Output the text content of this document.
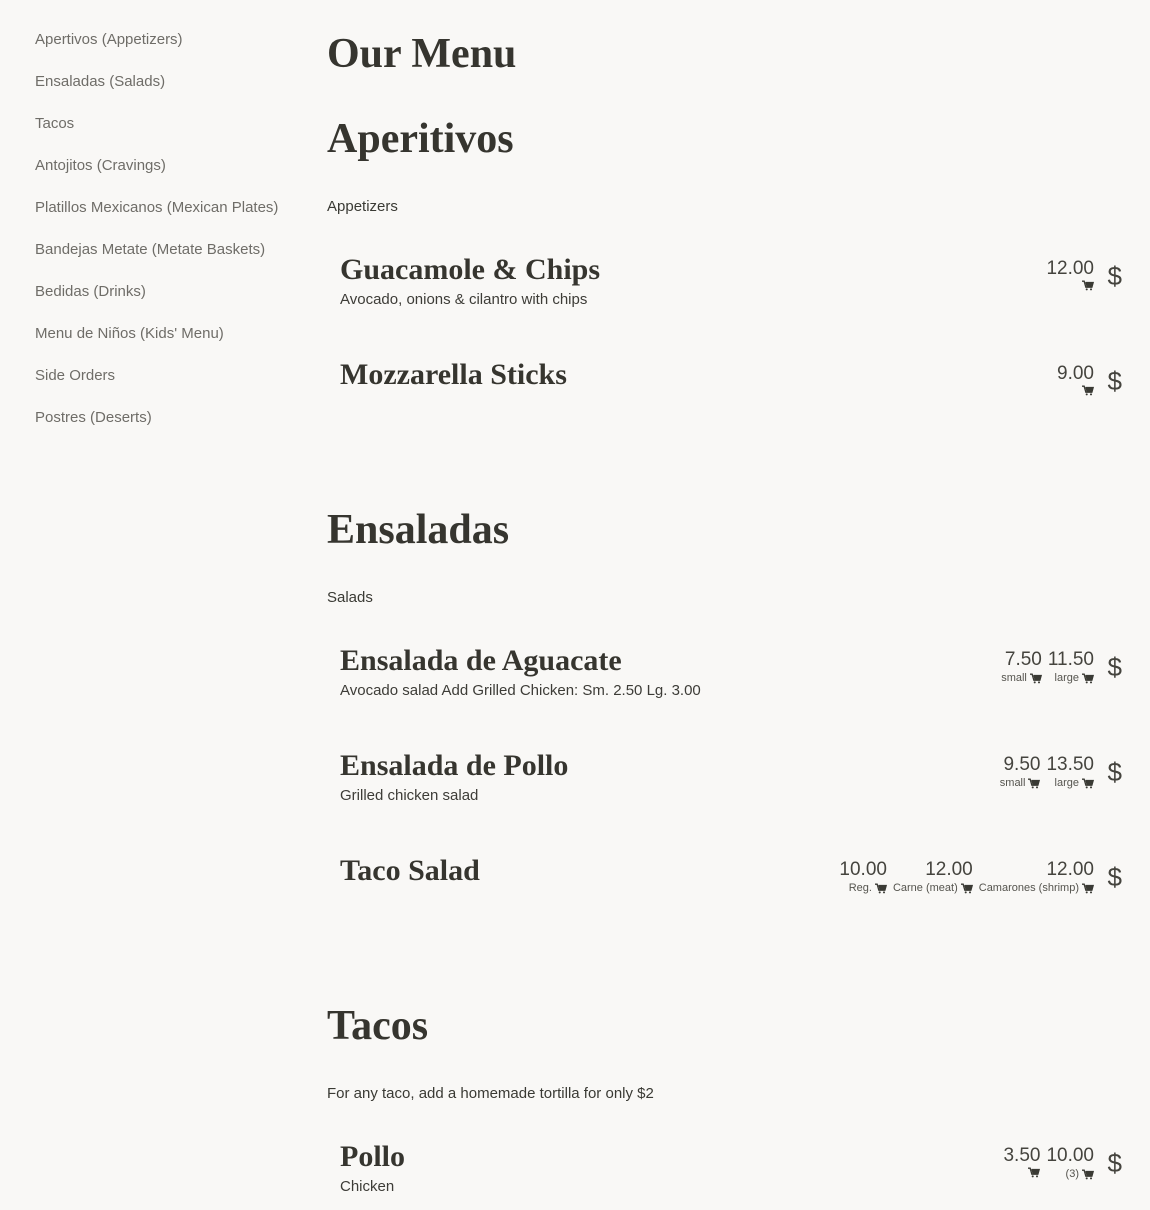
Apertivos (Appetizers)
Ensaladas (Salads)
Tacos
Antojitos (Cravings)
Platillos Mexicanos (Mexican Plates)
Bandejas Metate (Metate Baskets)
Bedidas (Drinks)
Menu de Niños (Kids' Menu)
Side Orders
Postres (Deserts)
Our Menu
Aperitivos
Appetizers
Guacamole & Chips
Avocado, onions & cilantro with chips
12.00 $
Mozzarella Sticks	9.00 $
Ensaladas
Salads
Ensalada de Aguacate
Avocado salad Add Grilled Chicken: Sm. 2.50 Lg. 3.00
7.50
small
11.50
large $
Ensalada de Pollo
Grilled chicken salad
9.50
small
13.50
large $
Taco Salad	10.00
Reg.
12.00
Carne (meat)
12.00
Camarones (shrimp) $
Tacos
For any taco, add a homemade tortilla for only $2
Pollo
Chicken
3.50 10.00
(3) $
